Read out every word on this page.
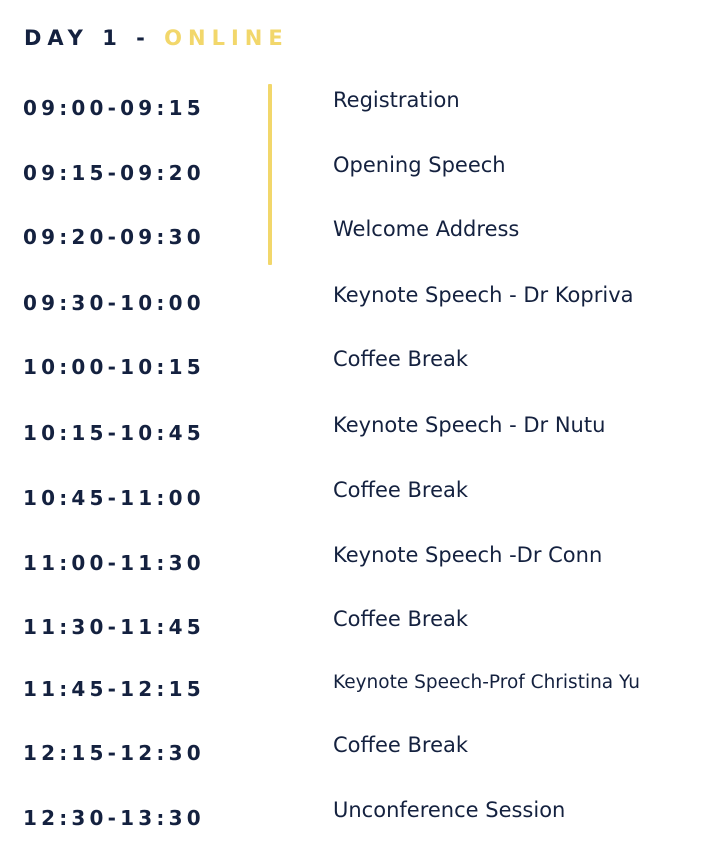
DAY 1 - ONLINE
09:00-09:15	Registration
09:15-09:20	Opening Speech
09:20-09:30	Welcome Address
09:30-10:00	Keynote Speech - Dr Kopriva
10:00-10:15	Coffee Break
10:15-10:45	Keynote Speech - Dr Nutu
10:45-11:00	Coffee Break
11:00-11:30	Keynote Speech -Dr Conn
11:30-11:45	Coffee Break
11:45-12:15	Keynote Speech-Prof Christina Yu
12:15-12:30	Coffee Break
12:30-13:30	Unconference Session
